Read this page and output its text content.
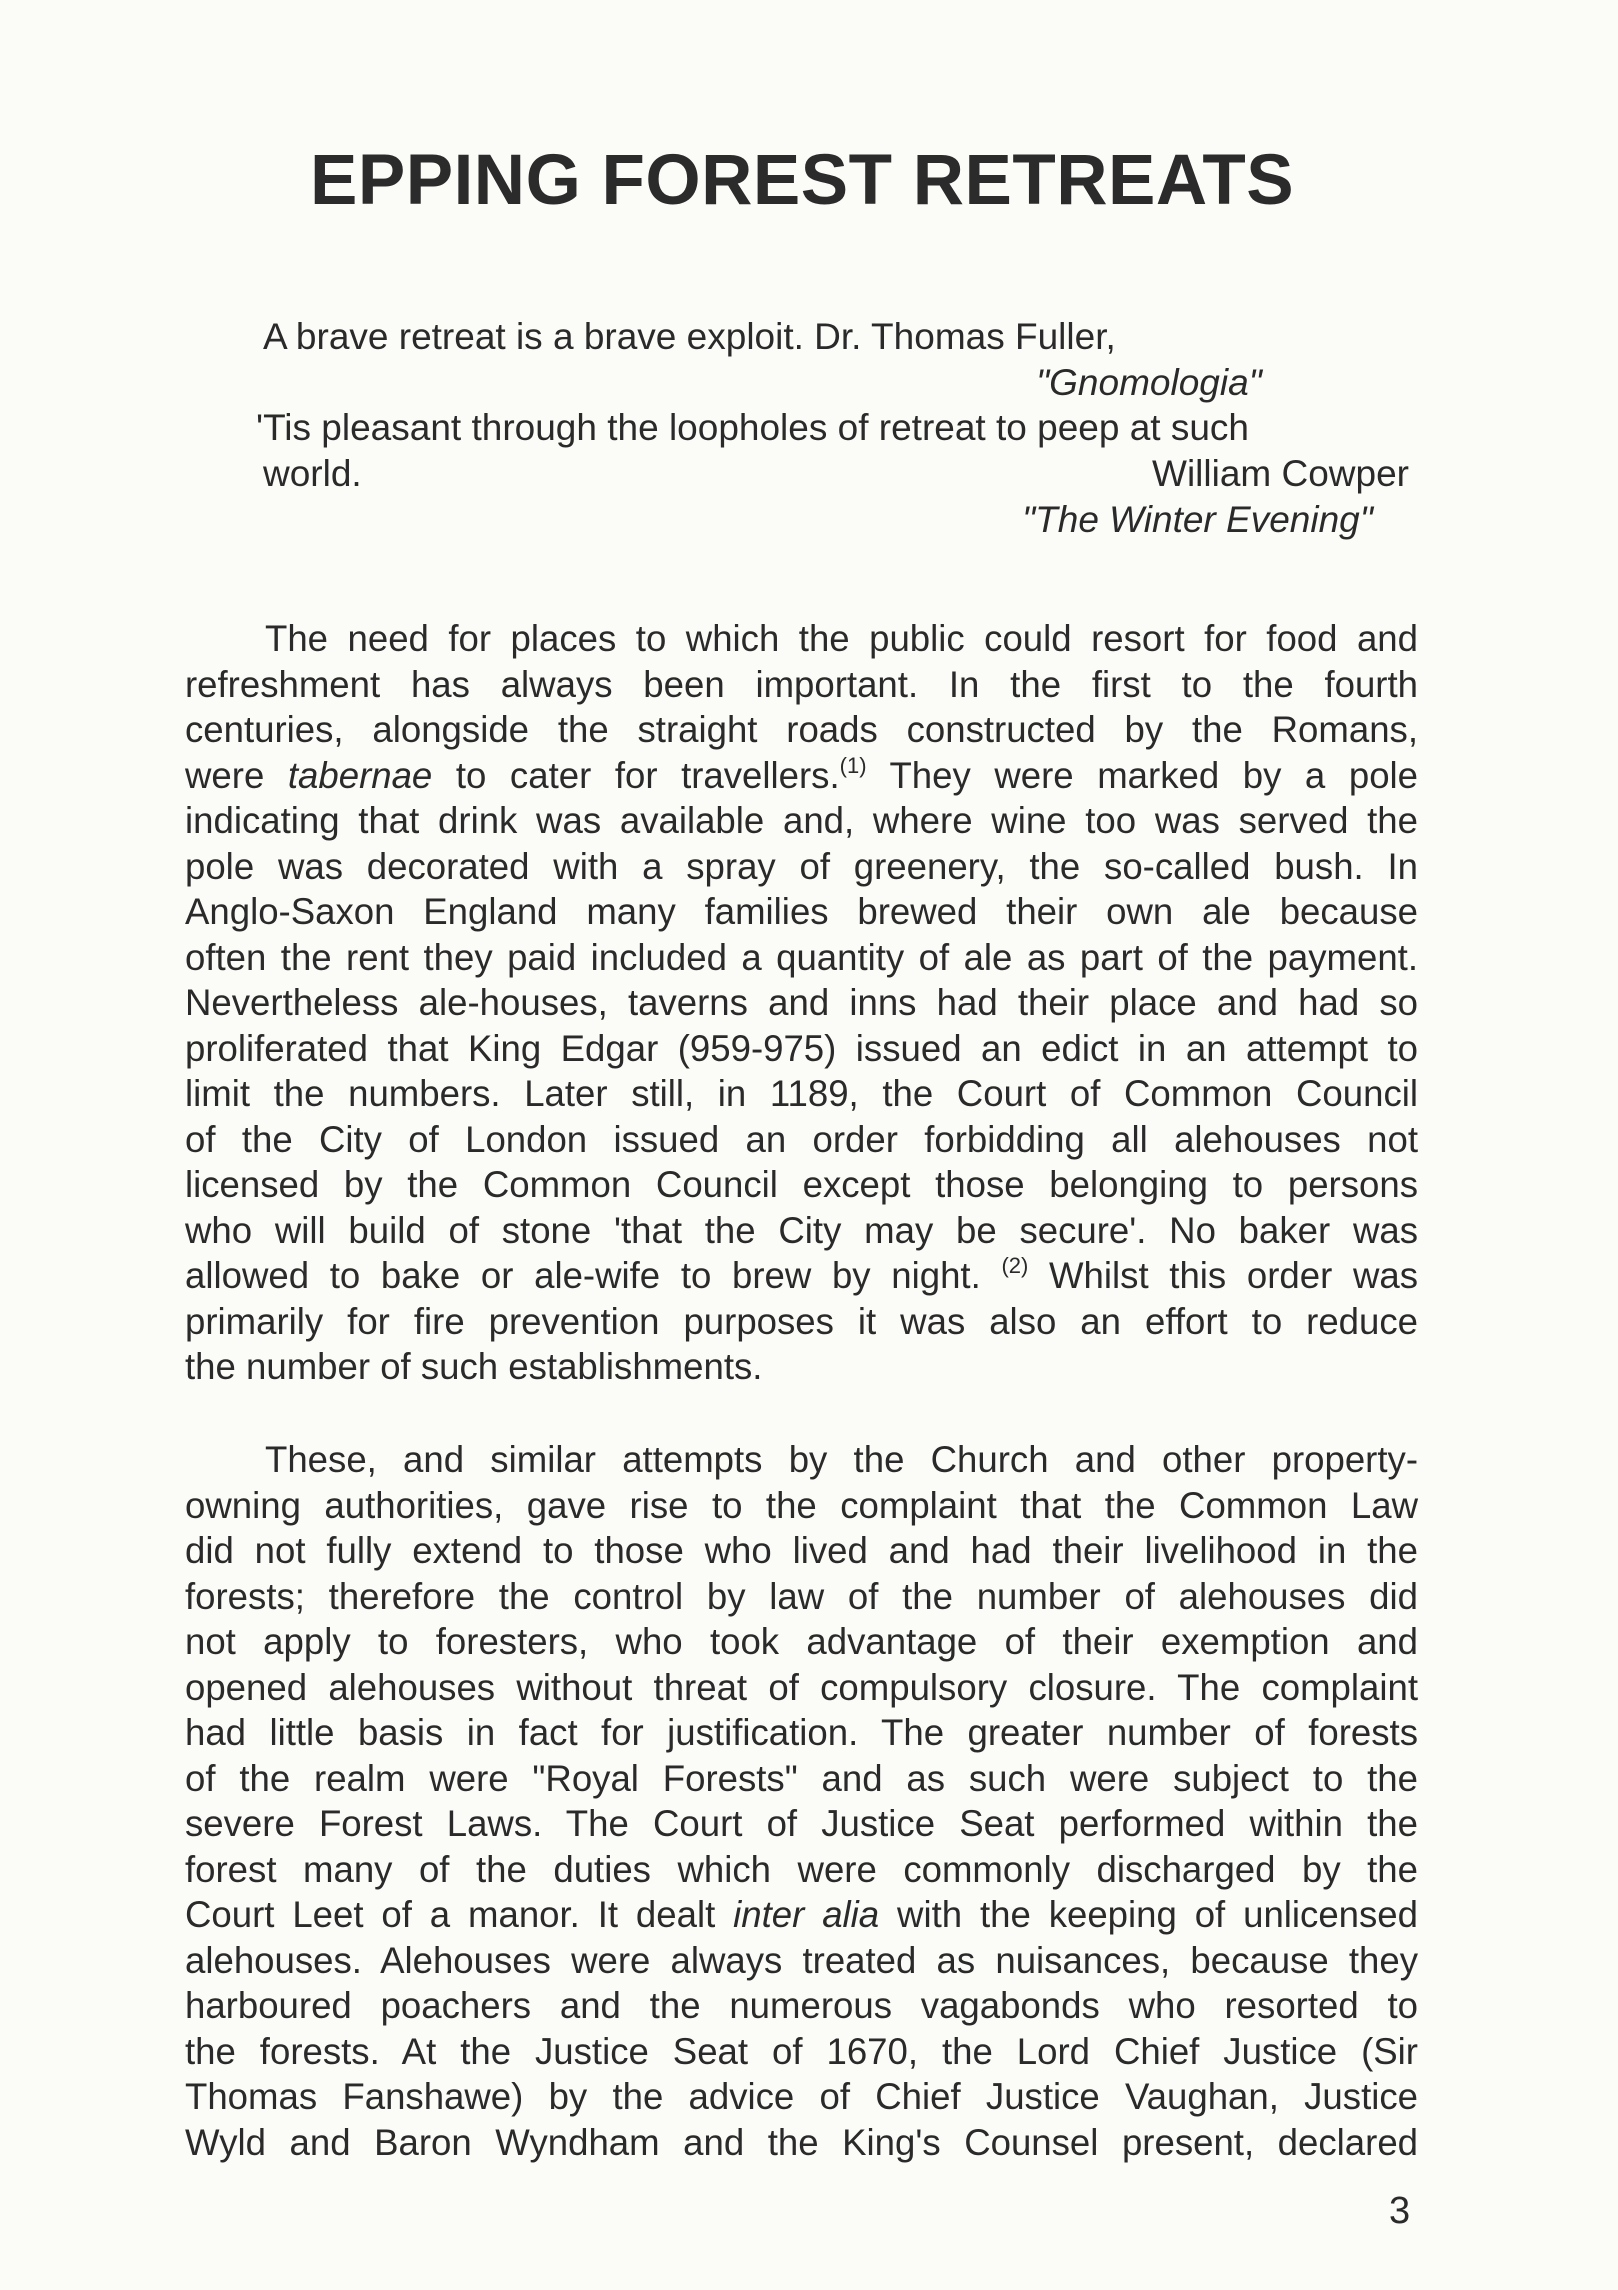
EPPING FOREST RETREATS
A brave retreat is a brave exploit. Dr. Thomas Fuller,
"Gnomologia"
'Tis pleasant through the loopholes of retreat to peep at such
world.	William Cowper
"The Winter Evening"
The need for places to which the public could resort for food and
refreshment has always been important. In the first to the fourth
centuries, alongside the straight roads constructed by the Romans,
were tabernae to cater for travellers.$^{(1)}$ They were marked by a pole
indicating that drink was available and, where wine too was served the
pole was decorated with a spray of greenery, the so-called bush. In
Anglo-Saxon England many families brewed their own ale because
often the rent they paid included a quantity of ale as part of the payment.
Nevertheless ale-houses, taverns and inns had their place and had so
proliferated that King Edgar (959-975) issued an edict in an attempt to
limit the numbers. Later still, in 1189, the Court of Common Council
of the City of London issued an order forbidding all alehouses not
licensed by the Common Council except those belonging to persons
who will build of stone 'that the City may be secure'. No baker was
allowed to bake or ale-wife to brew by night. $^{(2)}$ Whilst this order was
primarily for fire prevention purposes it was also an effort to reduce
the number of such establishments.
These, and similar attempts by the Church and other property-
owning authorities, gave rise to the complaint that the Common Law
did not fully extend to those who lived and had their livelihood in the
forests; therefore the control by law of the number of alehouses did
not apply to foresters, who took advantage of their exemption and
opened alehouses without threat of compulsory closure. The complaint
had little basis in fact for justification. The greater number of forests
of the realm were "Royal Forests" and as such were subject to the
severe Forest Laws. The Court of Justice Seat performed within the
forest many of the duties which were commonly discharged by the
Court Leet of a manor. It dealt inter alia with the keeping of unlicensed
alehouses. Alehouses were always treated as nuisances, because they
harboured poachers and the numerous vagabonds who resorted to
the forests. At the Justice Seat of 1670, the Lord Chief Justice (Sir
Thomas Fanshawe) by the advice of Chief Justice Vaughan, Justice
Wyld and Baron Wyndham and the King's Counsel present, declared
3
